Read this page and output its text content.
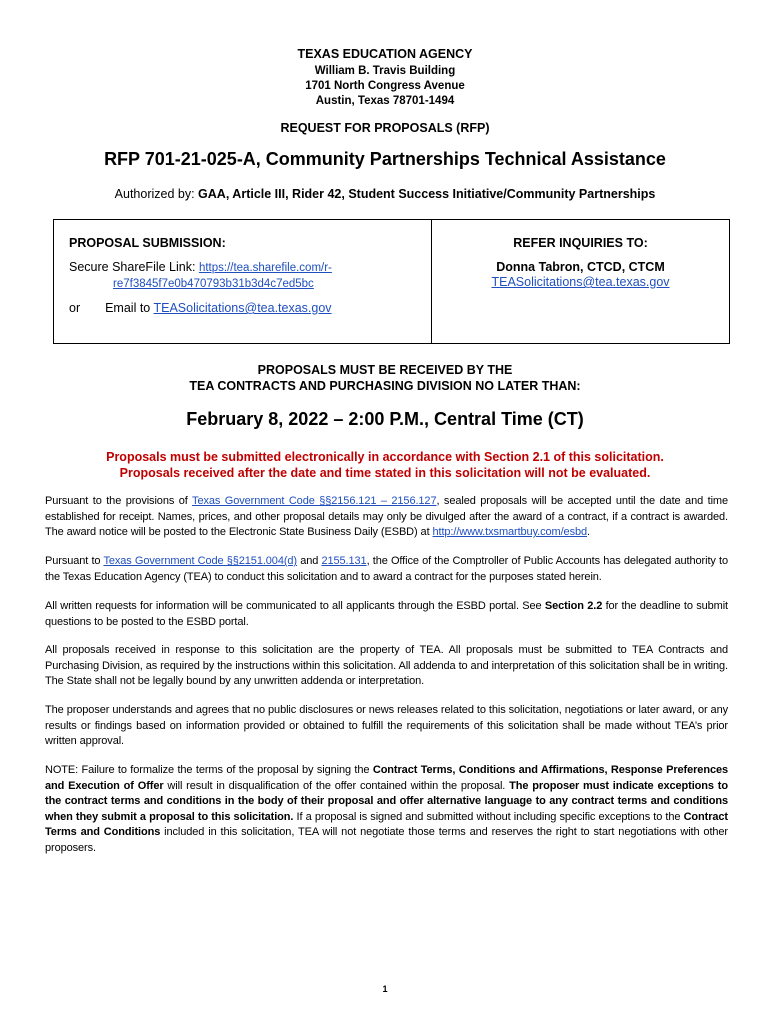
TEXAS EDUCATION AGENCY
William B. Travis Building
1701 North Congress Avenue
Austin, Texas 78701-1494
REQUEST FOR PROPOSALS (RFP)
RFP 701-21-025-A, Community Partnerships Technical Assistance
Authorized by: GAA, Article III, Rider 42, Student Success Initiative/Community Partnerships
PROPOSAL SUBMISSION:
Secure ShareFile Link: https://tea.sharefile.com/r-
re7f3845f7e0b470793b31b3d4c7ed5bc
or Email to TEASolicitations@tea.texas.gov
REFER INQUIRIES TO:
Donna Tabron, CTCD, CTCM
TEASolicitations@tea.texas.gov
PROPOSALS MUST BE RECEIVED BY THE
TEA CONTRACTS AND PURCHASING DIVISION NO LATER THAN:
February 8, 2022 – 2:00 P.M., Central Time (CT)
Proposals must be submitted electronically in accordance with Section 2.1 of this solicitation.
Proposals received after the date and time stated in this solicitation will not be evaluated.
Pursuant to the provisions of Texas Government Code §§2156.121 – 2156.127, sealed proposals will be accepted until the date and time established for receipt. Names, prices, and other proposal details may only be divulged after the award of a contract, if a contract is awarded. The award notice will be posted to the Electronic State Business Daily (ESBD) at http://www.txsmartbuy.com/esbd.
Pursuant to Texas Government Code §§2151.004(d) and 2155.131, the Office of the Comptroller of Public Accounts has delegated authority to the Texas Education Agency (TEA) to conduct this solicitation and to award a contract for the purposes stated herein.
All written requests for information will be communicated to all applicants through the ESBD portal. See Section 2.2 for the deadline to submit questions to be posted to the ESBD portal.
All proposals received in response to this solicitation are the property of TEA. All proposals must be submitted to TEA Contracts and Purchasing Division, as required by the instructions within this solicitation. All addenda to and interpretation of this solicitation shall be in writing. The State shall not be legally bound by any unwritten addenda or interpretation.
The proposer understands and agrees that no public disclosures or news releases related to this solicitation, negotiations or later award, or any results or findings based on information provided or obtained to fulfill the requirements of this solicitation shall be made without TEA’s prior written approval.
NOTE: Failure to formalize the terms of the proposal by signing the Contract Terms, Conditions and Affirmations, Response Preferences and Execution of Offer will result in disqualification of the offer contained within the proposal. The proposer must indicate exceptions to the contract terms and conditions in the body of their proposal and offer alternative language to any contract terms and conditions when they submit a proposal to this solicitation. If a proposal is signed and submitted without including specific exceptions to the Contract Terms and Conditions included in this solicitation, TEA will not negotiate those terms and reserves the right to start negotiations with other proposers.
1
